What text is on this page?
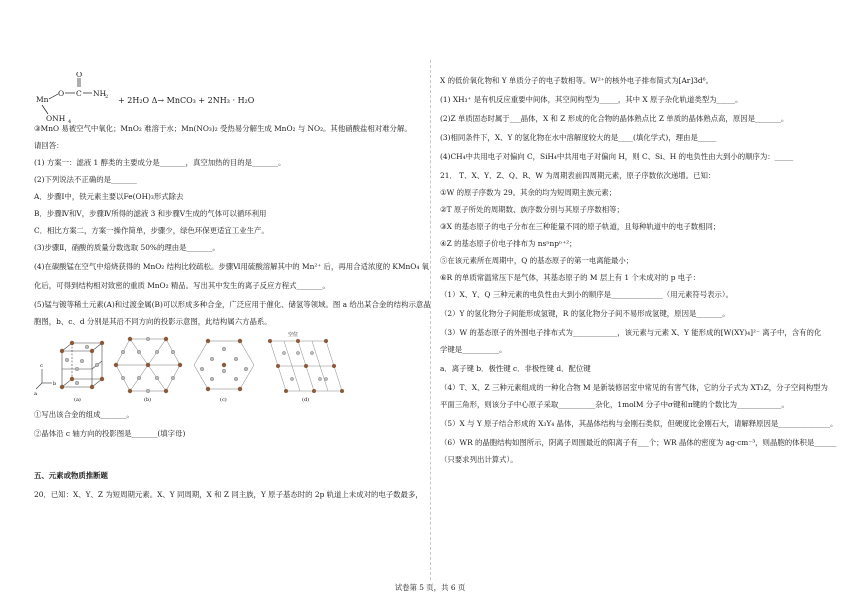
Mn
O C
O
NH
2
ONH 4
+ 2H₂O Δ→ MnCO₃ + 2NH₃ · H₂O
③MnO 易被空气中氧化；MnO₂ 难溶于水；Mn(NO₃)₂ 受热易分解生成 MnO₂ 与 NO₂。其他硝酸盐相对难分解。
请回答：
(1) 方案一：滤液 1 醇类的主要成分是_______，真空加热的目的是_______。
(2)下列说法不正确的是_______
A．步骤Ⅰ中，铁元素主要以Fe(OH)₃形式除去
B．步骤Ⅳ和Ⅴ，步骤Ⅳ所得的滤液 3 和步骤Ⅴ生成的气体可以循环利用
C．相比方案二，方案一操作简单，步骤少，绿色环保更适宜工业生产。
(3)步骤Ⅱ，硝酸的质量分数选取 50%的理由是_______。
(4)在碳酸锰在空气中焙烧获得的 MnO₂ 结构比较疏松。步骤Ⅵ用硫酸溶解其中的 Mn²⁺ 后，再用合适浓度的 KMnO₄ 氧
化后，可得到结构相对致密的重质 MnO₂ 精品。写出其中发生的离子反应方程式_______。
(5)锰与镀等稀土元素(A)和过渡金属(B)可以形成多种合金，广泛应用于催化、储氢等领域。图 a 给出某合金的结构示意晶
胞图，b、c、d 分别是其沿不同方向的投影示意图，此结构属六方晶系。
c
a
b
(a)	(b)	(c)
空位
(d)
①写出该合金的组成_______。
②晶体沿 c 轴方向的投影图是_______(填字母)
五、元素或物质推断题
20．已知：X、Y、Z 为短周期元素。X、Y 同周期，X 和 Z 同主族，Y 原子基态时的 2p 轨道上未成对的电子数最多，
X 的低价氧化物和 Y 单质分子的电子数相等。W²⁺的核外电子排布简式为[Ar]3d⁶。
(1) XH₃⁺ 是有机反应重要中间体，其空间构型为_____，其中 X 原子杂化轨道类型为_____。
(2)Z 单质固态时属于___晶体，X 和 Z 形成的化合物的晶体熟点比 Z 单质的晶体熟点高，原因是_______。
(3)相同条件下，X、Y 的氢化物在水中溶解度较大的是____(填化学式)，理由是_____
(4)CH₄中共用电子对偏向 C，SiH₄中共用电子对偏向 H，则 C、Si、H 的电负性由大到小的顺序为：_____
21． T、X、Y、Z、Q、R、W 为周期表前四周期元素，原子序数依次递增。已知：
①W 的原子序数为 29。其余的均为短周期主族元素；
②T 原子所处的周期数、族序数分别与其原子序数相等；
③X 的基态原子的电子分布在三种能量不同的原子轨道，且每种轨道中的电子数相同；
④Z 的基态原子价电子排布为 nsⁿnpⁿ⁺²；
⑤在该元素所在周期中，Q 的基态原子的第一电离能最小；
⑥R 的单质常温常压下是气体，其基态原子的 M 层上有 1 个未成对的 p 电子：
（1）X、Y、Q 三种元素的电负性由大到小的顺序是______________（用元素符号表示）。
（2）Y 的氢化物分子间能形成氢键，R 的氢化物分子间不易形成氢键，原因是_______。
（3）W 的基态原子的外围电子排布式为____________，该元素与元素 X、Y 能形成的[W(XY)₄]²⁻ 离子中，含有的化
学键是__________。
a．离子键 b．极性键 c．非极性键 d．配位键
（4）T、X、Z 三种元素组成的一种化合物 M 是新装修居室中常见的有害气体，它的分子式为 XT₂Z，分子空间构型为
平面三角形，则该分子中心原子采取__________杂化，1molM 分子中σ键和π键的个数比为____________。
（5）X 与 Y 原子结合形成的 X₃Y₄ 晶体，其晶体结构与金刚石类似，但硬度比金刚石大，请解释原因是______________。
（6）WR 的晶胞结构如图所示，阴离子周围最近的阳离子有___个；WR 晶体的密度为 ag·cm⁻³，则晶胞的体积是______
（只要求列出计算式）。
试卷第 5 页，共 6 页
